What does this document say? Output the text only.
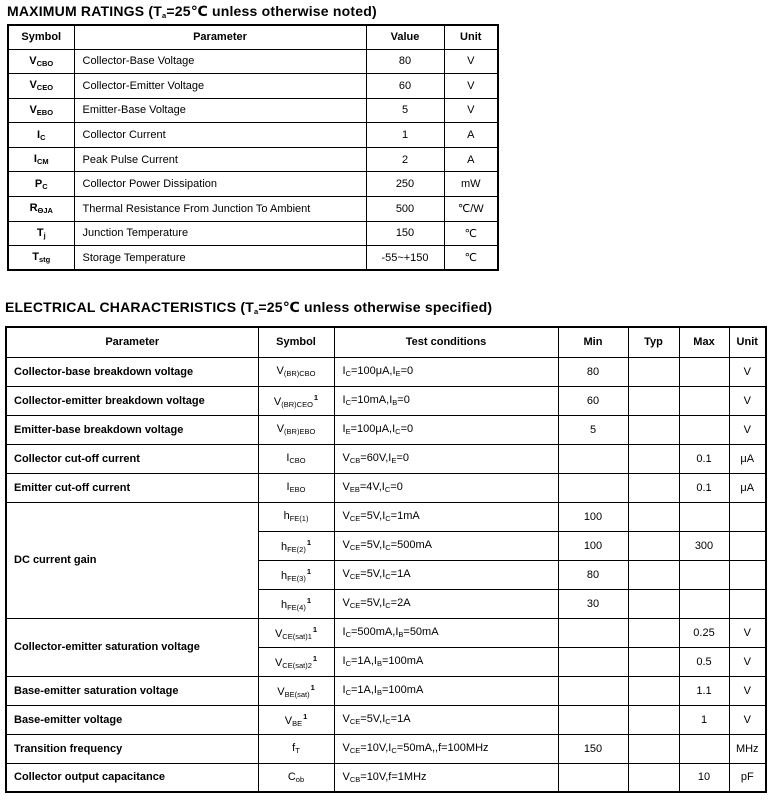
MAXIMUM RATINGS (Ta=25℃ unless otherwise noted)
Symbol	Parameter	Value	Unit
VCBO	Collector-Base Voltage	80	V
VCEO	Collector-Emitter Voltage	60	V
VEBO	Emitter-Base Voltage	5	V
IC	Collector Current	1	A
ICM	Peak Pulse Current	2	A
PC	Collector Power Dissipation	250	mW
RΘJA	Thermal Resistance From Junction To Ambient	500	℃/W
Tj	Junction Temperature	150	℃
Tstg	Storage Temperature	-55~+150	℃
ELECTRICAL CHARACTERISTICS (Ta=25℃ unless otherwise specified)
Parameter	Symbol	Test conditions	Min	Typ	Max	Unit
Collector-base breakdown voltage	V(BR)CBO	IC=100μA,IE=0	80			V
Collector-emitter breakdown voltage	V(BR)CEO$^1$	IC=10mA,IB=0	60			V
Emitter-base breakdown voltage	V(BR)EBO	IE=100μA,IC=0	5			V
Collector cut-off current	ICBO	VCB=60V,IE=0			0.1	μA
Emitter cut-off current	IEBO	VEB=4V,IC=0			0.1	μA
DC current gain	hFE(1)	VCE=5V,IC=1mA	100			
	$hFE(2)^1$	VCE=5V,IC=500mA	100		300	
	$hFE(3)^1$	VCE=5V,IC=1A	80			
	$hFE(4)^1$	VCE=5V,IC=2A	30			
Collector-emitter saturation voltage	$VCE(sat)1^1$	IC=500mA,IB=50mA			0.25	V
	$VCE(sat)2^1$	IC=1A,IB=100mA			0.5	V
Base-emitter saturation voltage	VBE(sat)$^1$	IC=1A,IB=100mA			1.1	V
Base-emitter voltage	VBE$^1$	VCE=5V,IC=1A			1	V
Transition frequency	fT	VCE=10V,IC=50mA,,f=100MHz	150			MHz
Collector output capacitance	Cob	VCB=10V,f=1MHz			10	pF
